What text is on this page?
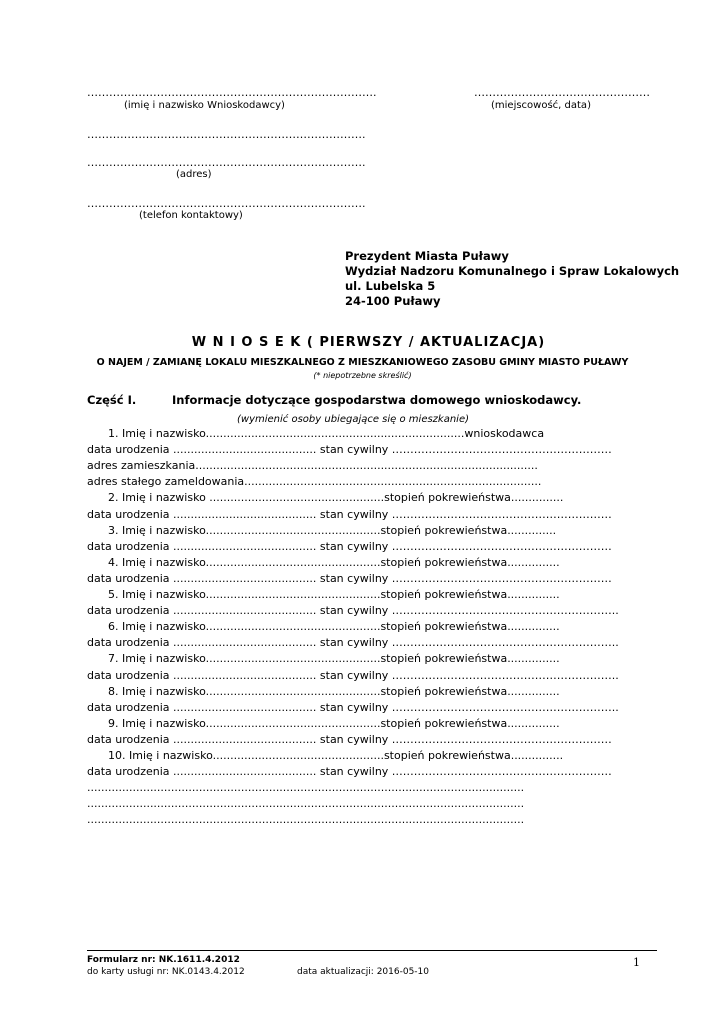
…………………………………………………………………….
(imię i nazwisko Wnioskodawcy)
…………………………………………
(miejscowość, data)
………………………………………………………………….
………………………………………………………………….
(adres)
………………………………………………………………….
(telefon kontaktowy)
Prezydent Miasta Puławy
Wydział Nadzoru Komunalnego i Spraw Lokalowych
ul. Lubelska 5
24-100 Puławy
W N I O S E K ( PIERWSZY / AKTUALIZACJA)
O NAJEM / ZAMIANĘ LOKALU MIESZKALNEGO Z MIESZKANIOWEGO ZASOBU GMINY MIASTO PUŁAWY
(* niepotrzebne skreślić)
Część I.	Informacje dotyczące gospodarstwa domowego wnioskodawcy.
(wymienić osoby ubiegające się o mieszkanie)
1. Imię i nazwisko..........................................................................wnioskodawca
data urodzenia ......................................... stan cywilny ……………………………………………………
adres zamieszkania..................................................................................................
adres stałego zameldowania.....................................................................................
2. Imię i nazwisko ..................................................stopień pokrewieństwa...............
data urodzenia ......................................... stan cywilny ……………………………………………………
3. Imię i nazwisko..................................................stopień pokrewieństwa..............
data urodzenia ......................................... stan cywilny ……………………………………………………
4. Imię i nazwisko..................................................stopień pokrewieństwa...............
data urodzenia ......................................... stan cywilny ……………………………………………………
5. Imię i nazwisko..................................................stopień pokrewieństwa...............
data urodzenia ......................................... stan cywilny ……………………………………………………..
6. Imię i nazwisko..................................................stopień pokrewieństwa...............
data urodzenia ......................................... stan cywilny ……………………………………………………..
7. Imię i nazwisko..................................................stopień pokrewieństwa...............
data urodzenia ......................................... stan cywilny ……………………………………………………..
8. Imię i nazwisko..................................................stopień pokrewieństwa...............
data urodzenia ......................................... stan cywilny ……………………………………………………..
9. Imię i nazwisko..................................................stopień pokrewieństwa...............
data urodzenia ......................................... stan cywilny ……………………………………………………
10. Imię i nazwisko.................................................stopień pokrewieństwa...............
data urodzenia ......................................... stan cywilny ……………………………………………………
.............................................................................................................................
.............................................................................................................................
.............................................................................................................................
Formularz nr: NK.1611.4.2012
do karty usługi nr: NK.0143.4.2012	data aktualizacji: 2016-05-10
1
